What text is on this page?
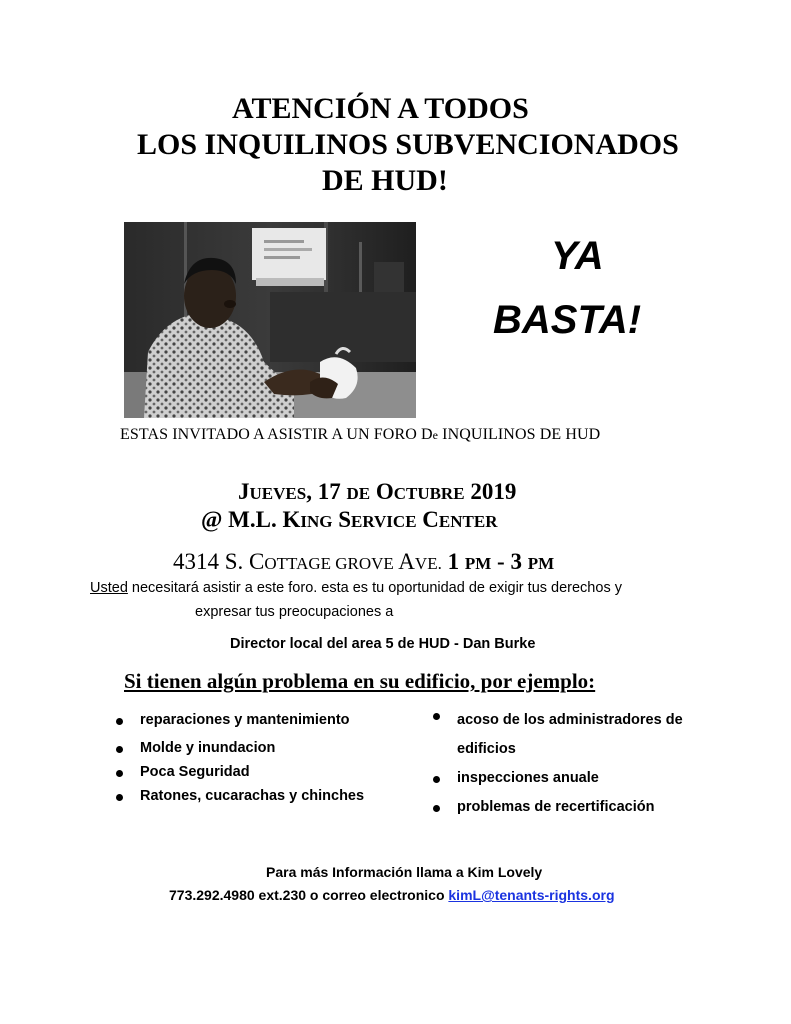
ATENCIÓN A TODOS
LOS INQUILINOS SUBVENCIONADOS
DE HUD!
YA
BASTA!
ESTAS INVITADO A ASISTIR A UN FORO De INQUILINOS DE HUD
JUEVES, 17 DE OCTUBRE 2019
@ M.L. KING SERVICE CENTER
4314 S. COTTAGE GROVE AVE. 1 PM - 3 PM
Usted necesitará asistir a este foro. esta es tu oportunidad de exigir tus derechos y
expresar tus preocupaciones a
Director local del area 5 de HUD - Dan Burke
Si tienen algún problema en su edificio, por ejemplo:
reparaciones y mantenimiento
Molde y inundacion
Poca Seguridad
Ratones, cucarachas y chinches
acoso de los administradores de
edificios
inspecciones anuale
problemas de recertificación
Para más Información llama a Kim Lovely
773.292.4980 ext.230 o correo electronico kimL@tenants-rights.org
